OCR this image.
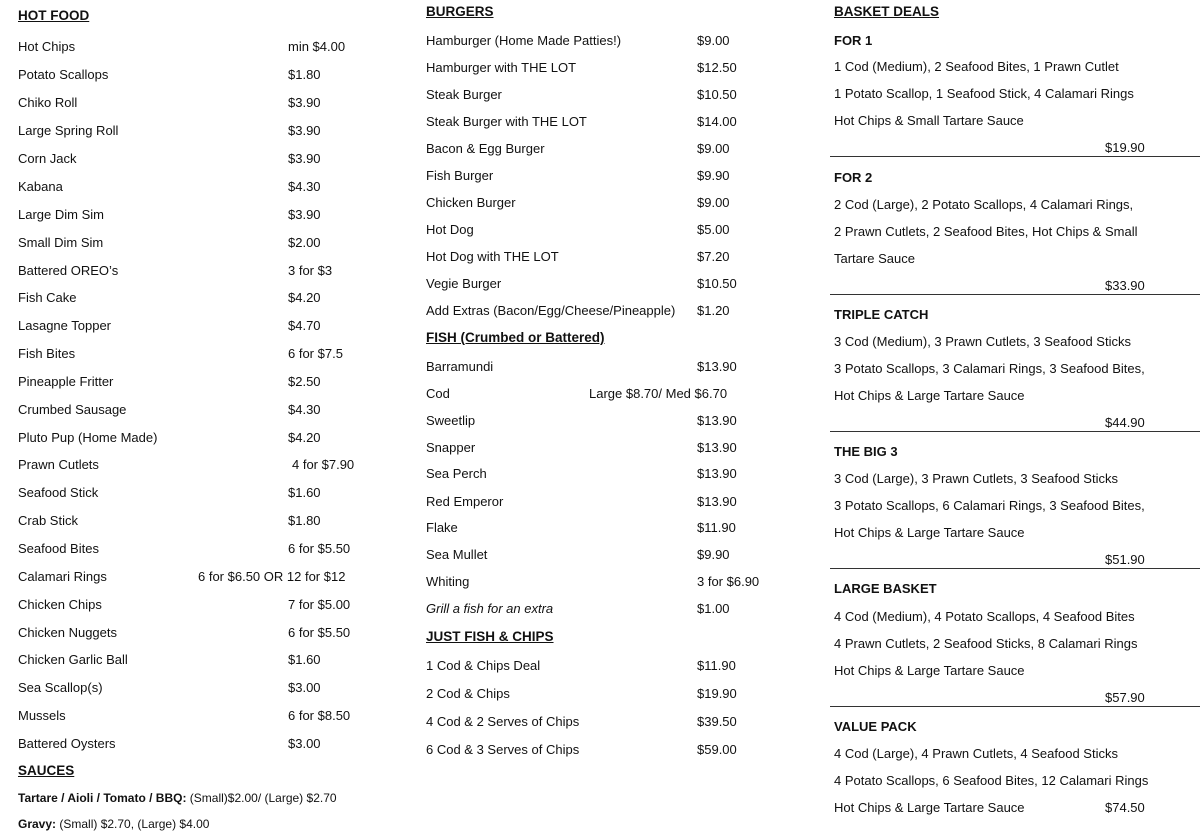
HOT FOOD
Hot Chips	min $4.00
Potato Scallops	$1.80
Chiko Roll	$3.90
Large Spring Roll	$3.90
Corn Jack	$3.90
Kabana	$4.30
Large Dim Sim	$3.90
Small Dim Sim	$2.00
Battered OREO’s	3 for $3
Fish Cake	$4.20
Lasagne Topper	$4.70
Fish Bites	6 for $7.5
Pineapple Fritter	$2.50
Crumbed Sausage	$4.30
Pluto Pup (Home Made)	$4.20
Prawn Cutlets	4 for $7.90
Seafood Stick	$1.60
Crab Stick	$1.80
Seafood Bites	6 for $5.50
Calamari Rings	6 for $6.50 OR 12 for $12
Chicken Chips	7 for $5.00
Chicken Nuggets	6 for $5.50
Chicken Garlic Ball	$1.60
Sea Scallop(s)	$3.00
Mussels	6 for $8.50
Battered Oysters	$3.00
SAUCES
Tartare / Aioli / Tomato / BBQ: (Small)$2.00/ (Large) $2.70
Gravy: (Small) $2.70, (Large) $4.00
BURGERS
Hamburger (Home Made Patties!)	$9.00
Hamburger with THE LOT	$12.50
Steak Burger	$10.50
Steak Burger with THE LOT	$14.00
Bacon & Egg Burger	$9.00
Fish Burger	$9.90
Chicken Burger	$9.00
Hot Dog	$5.00
Hot Dog with THE LOT	$7.20
Vegie Burger	$10.50
Add Extras (Bacon/Egg/Cheese/Pineapple) $1.20
FISH (Crumbed or Battered)
Barramundi	$13.90
Cod	Large $8.70/ Med $6.70
Sweetlip	$13.90
Snapper	$13.90
Sea Perch	$13.90
Red Emperor	$13.90
Flake	$11.90
Sea Mullet	$9.90
Whiting	3 for $6.90
Grill a fish for an extra	$1.00
JUST FISH & CHIPS
1 Cod & Chips Deal	$11.90
2 Cod & Chips	$19.90
4 Cod & 2 Serves of Chips	$39.50
6 Cod & 3 Serves of Chips	$59.00
BASKET DEALS
FOR 1
1 Cod (Medium), 2 Seafood Bites, 1 Prawn Cutlet
1 Potato Scallop, 1 Seafood Stick, 4 Calamari Rings
Hot Chips & Small Tartare Sauce
$19.90
FOR 2
2 Cod (Large), 2 Potato Scallops, 4 Calamari Rings,
2 Prawn Cutlets, 2 Seafood Bites, Hot Chips & Small
Tartare Sauce
$33.90
TRIPLE CATCH
3 Cod (Medium), 3 Prawn Cutlets, 3 Seafood Sticks
3 Potato Scallops, 3 Calamari Rings, 3 Seafood Bites,
Hot Chips & Large Tartare Sauce
$44.90
THE BIG 3
3 Cod (Large), 3 Prawn Cutlets, 3 Seafood Sticks
3 Potato Scallops, 6 Calamari Rings, 3 Seafood Bites,
Hot Chips & Large Tartare Sauce
$51.90
LARGE BASKET
4 Cod (Medium), 4 Potato Scallops, 4 Seafood Bites
4 Prawn Cutlets, 2 Seafood Sticks, 8 Calamari Rings
Hot Chips & Large Tartare Sauce
$57.90
VALUE PACK
4 Cod (Large), 4 Prawn Cutlets, 4 Seafood Sticks
4 Potato Scallops, 6 Seafood Bites, 12 Calamari Rings
Hot Chips & Large Tartare Sauce	$74.50
